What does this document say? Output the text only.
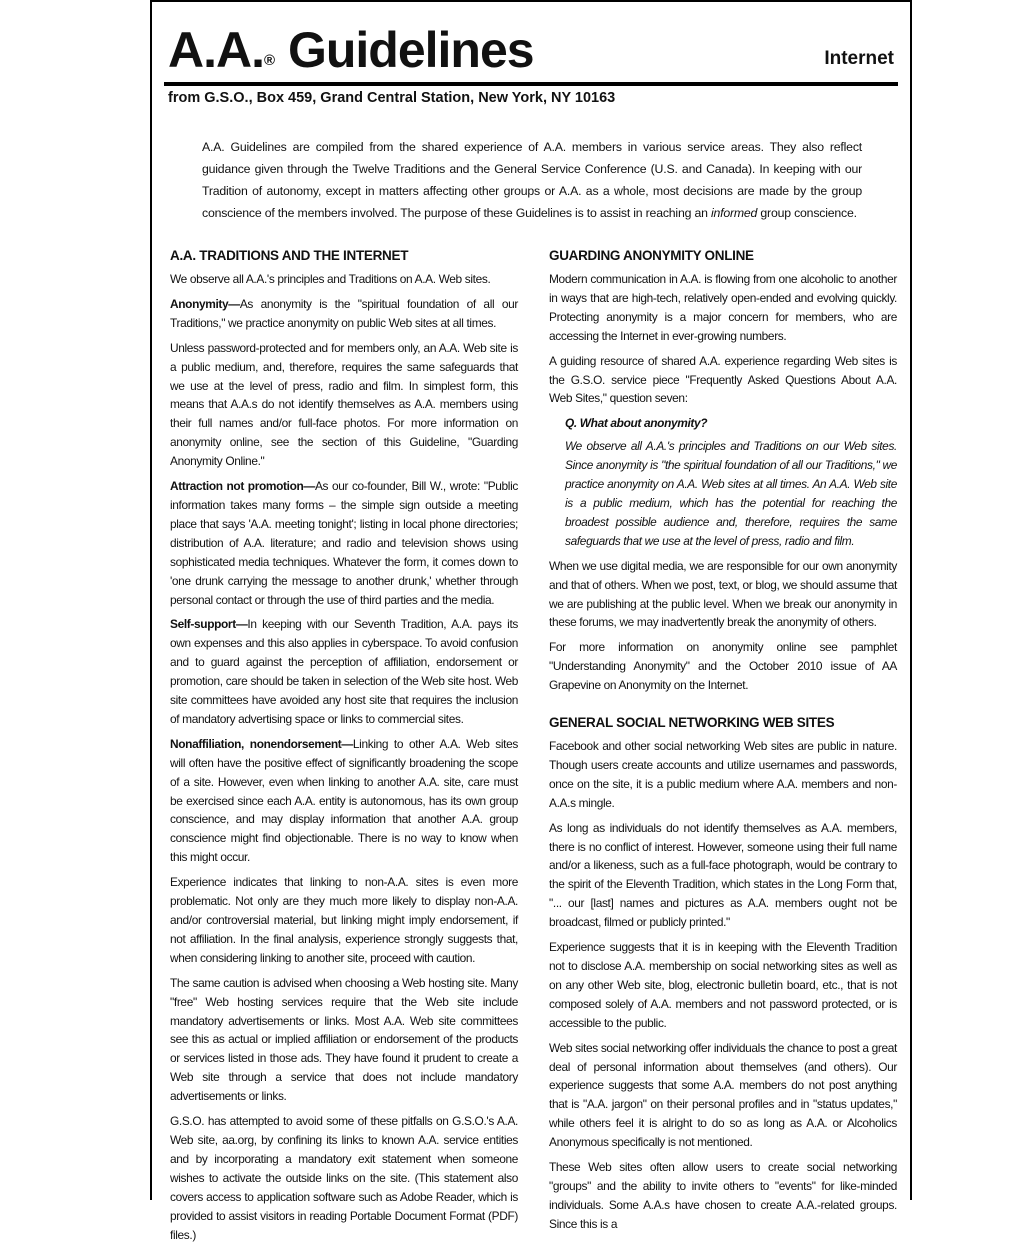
A.A.® Guidelines	Internet
from G.S.O., Box 459, Grand Central Station, New York, NY 10163
A.A. Guidelines are compiled from the shared experience of A.A. members in various service areas. They also reflect guidance given through the Twelve Traditions and the General Service Conference (U.S. and Canada). In keeping with our Tradition of autonomy, except in matters affecting other groups or A.A. as a whole, most decisions are made by the group conscience of the members involved. The purpose of these Guidelines is to assist in reaching an informed group conscience.
A.A. TRADITIONS AND THE INTERNET

We observe all A.A.'s principles and Traditions on A.A. Web sites.

Anonymity—As anonymity is the "spiritual foundation of all our Traditions," we practice anonymity on public Web sites at all times.

Unless password-protected and for members only, an A.A. Web site is a public medium, and, therefore, requires the same safeguards that we use at the level of press, radio and film. In simplest form, this means that A.A.s do not identify themselves as A.A. members using their full names and/or full-face photos. For more information on anonymity online, see the section of this Guideline, "Guarding Anonymity Online."

Attraction not promotion—As our co-founder, Bill W., wrote: "Public information takes many forms – the simple sign outside a meeting place that says 'A.A. meeting tonight'; listing in local phone directories; distribution of A.A. literature; and radio and television shows using sophisticated media techniques. Whatever the form, it comes down to 'one drunk carrying the message to another drunk,' whether through personal contact or through the use of third parties and the media.

Self-support—In keeping with our Seventh Tradition, A.A. pays its own expenses and this also applies in cyberspace. To avoid confusion and to guard against the perception of affiliation, endorsement or promotion, care should be taken in selection of the Web site host. Web site committees have avoided any host site that requires the inclusion of mandatory advertising space or links to commercial sites.

Nonaffiliation, nonendorsement—Linking to other A.A. Web sites will often have the positive effect of significantly broadening the scope of a site. However, even when linking to another A.A. site, care must be exercised since each A.A. entity is autonomous, has its own group conscience, and may display information that another A.A. group conscience might find objectionable. There is no way to know when this might occur.

Experience indicates that linking to non-A.A. sites is even more problematic. Not only are they much more likely to display non-A.A. and/or controversial material, but linking might imply endorsement, if not affiliation. In the final analysis, experience strongly suggests that, when considering linking to another site, proceed with caution.

The same caution is advised when choosing a Web hosting site. Many "free" Web hosting services require that the Web site include mandatory advertisements or links. Most A.A. Web site committees see this as actual or implied affiliation or endorsement of the products or services listed in those ads. They have found it prudent to create a Web site through a service that does not include mandatory advertisements or links.

G.S.O. has attempted to avoid some of these pitfalls on G.S.O.'s A.A. Web site, aa.org, by confining its links to known A.A. service entities and by incorporating a mandatory exit statement when someone wishes to activate the outside links on the site. (This statement also covers access to application software such as Adobe Reader, which is provided to assist visitors in reading Portable Document Format (PDF) files.)

GUARDING ANONYMITY ONLINE

Modern communication in A.A. is flowing from one alcoholic to another in ways that are high-tech, relatively open-ended and evolving quickly. Protecting anonymity is a major concern for members, who are accessing the Internet in ever-growing numbers.

A guiding resource of shared A.A. experience regarding Web sites is the G.S.O. service piece "Frequently Asked Questions About A.A. Web Sites," question seven:

Q. What about anonymity?

We observe all A.A.'s principles and Traditions on our Web sites. Since anonymity is "the spiritual foundation of all our Traditions," we practice anonymity on A.A. Web sites at all times. An A.A. Web site is a public medium, which has the potential for reaching the broadest possible audience and, therefore, requires the same safeguards that we use at the level of press, radio and film.

When we use digital media, we are responsible for our own anonymity and that of others. When we post, text, or blog, we should assume that we are publishing at the public level. When we break our anonymity in these forums, we may inadvertently break the anonymity of others.

For more information on anonymity online see pamphlet "Understanding Anonymity" and the October 2010 issue of AA Grapevine on Anonymity on the Internet.

GENERAL SOCIAL NETWORKING WEB SITES

Facebook and other social networking Web sites are public in nature. Though users create accounts and utilize usernames and passwords, once on the site, it is a public medium where A.A. members and non-A.A.s mingle.

As long as individuals do not identify themselves as A.A. members, there is no conflict of interest. However, someone using their full name and/or a likeness, such as a full-face photograph, would be contrary to the spirit of the Eleventh Tradition, which states in the Long Form that, "... our [last] names and pictures as A.A. members ought not be broadcast, filmed or publicly printed."

Experience suggests that it is in keeping with the Eleventh Tradition not to disclose A.A. membership on social networking sites as well as on any other Web site, blog, electronic bulletin board, etc., that is not composed solely of A.A. members and not password protected, or is accessible to the public.

Web sites social networking offer individuals the chance to post a great deal of personal information about themselves (and others). Our experience suggests that some A.A. members do not post anything that is "A.A. jargon" on their personal profiles and in "status updates," while others feel it is alright to do so as long as A.A. or Alcoholics Anonymous specifically is not mentioned.

These Web sites often allow users to create social networking "groups" and the ability to invite others to "events" for like-minded individuals. Some A.A.s have chosen to create A.A.-related groups. Since this is a
